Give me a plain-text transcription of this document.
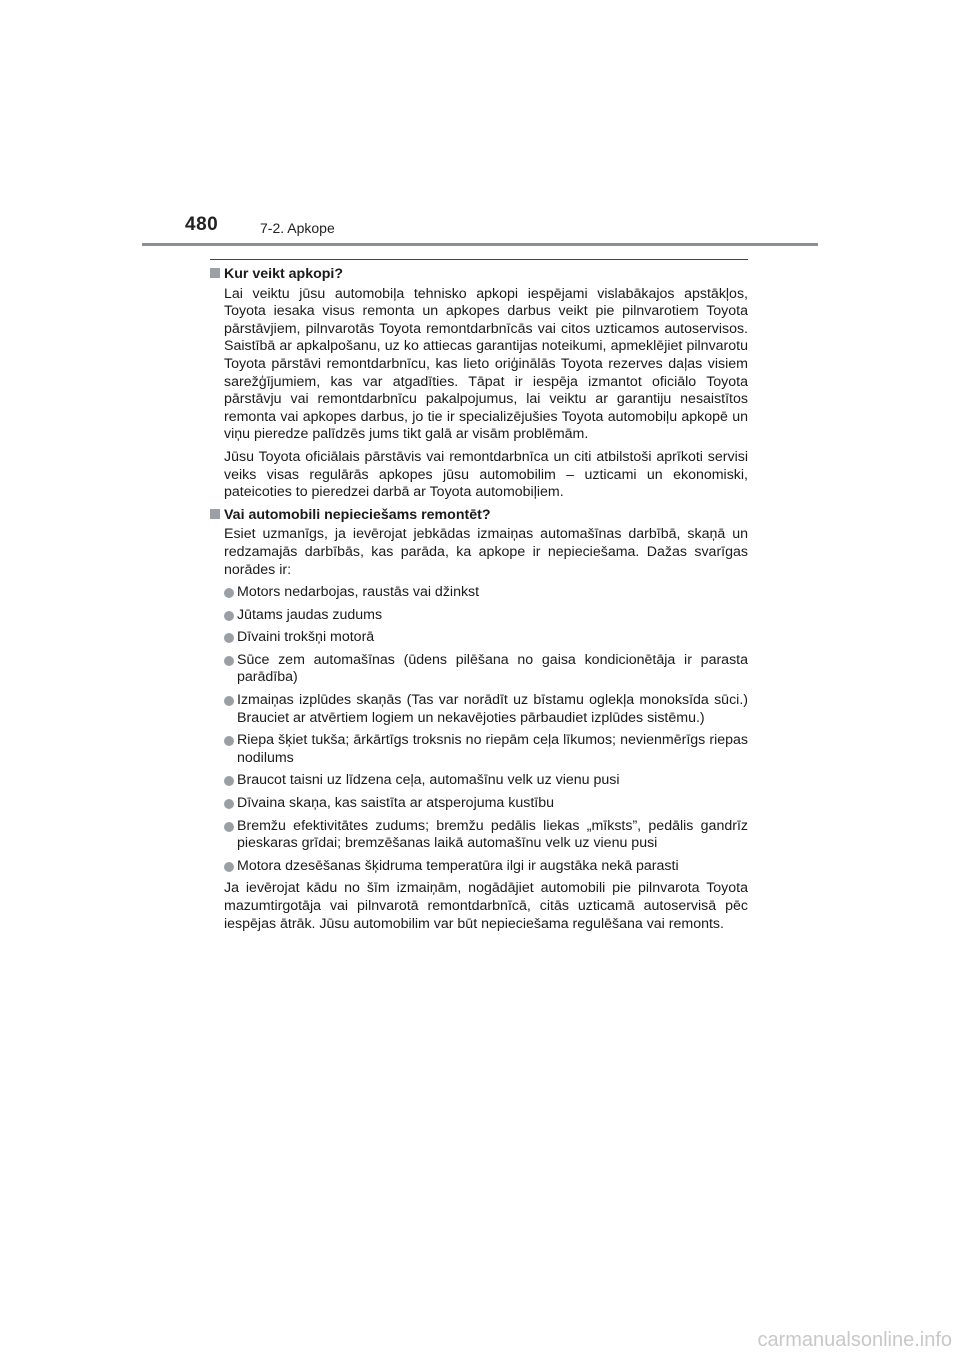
480	7-2. Apkope
Kur veikt apkopi?

Lai veiktu jūsu automobiļa tehnisko apkopi iespējami vislabākajos apstākļos, Toyota iesaka visus remonta un apkopes darbus veikt pie pilnvarotiem Toyota pārstāvjiem, pilnvarotās Toyota remontdarbnīcās vai citos uzticamos autoservisos. Saistībā ar apkalpošanu, uz ko attiecas garantijas noteikumi, apmeklējiet pilnvarotu Toyota pārstāvi remontdarbnīcu, kas lieto oriģinālās Toyota rezerves daļas visiem sarežģījumiem, kas var atgadīties. Tāpat ir iespēja izmantot oficiālo Toyota pārstāvju vai remontdarbnīcu pakalpojumus, lai veiktu ar garantiju nesaistītos remonta vai apkopes darbus, jo tie ir specializējušies Toyota automobiļu apkopē un viņu pieredze palīdzēs jums tikt galā ar visām problēmām.

Jūsu Toyota oficiālais pārstāvis vai remontdarbnīca un citi atbilstoši aprīkoti servisi veiks visas regulārās apkopes jūsu automobilim – uzticami un ekonomiski, pateicoties to pieredzei darbā ar Toyota automobiļiem.

Vai automobili nepieciešams remontēt?

Esiet uzmanīgs, ja ievērojat jebkādas izmaiņas automašīnas darbībā, skaņā un redzamajās darbībās, kas parāda, ka apkope ir nepieciešama. Dažas svarīgas norādes ir:

Motors nedarbojas, raustās vai džinkst
Jūtams jaudas zudums
Dīvaini trokšņi motorā
Sūce zem automašīnas (ūdens pilēšana no gaisa kondicionētāja ir parasta parādība)
Izmaiņas izplūdes skaņās (Tas var norādīt uz bīstamu oglekļa monoksīda sūci.) Brauciet ar atvērtiem logiem un nekavējoties pārbaudiet izplūdes sistēmu.)
Riepa šķiet tukša; ārkārtīgs troksnis no riepām ceļa līkumos; nevienmērīgs riepas nodilums
Braucot taisni uz līdzena ceļa, automašīnu velk uz vienu pusi
Dīvaina skaņa, kas saistīta ar atsperojuma kustību
Bremžu efektivitātes zudums; bremžu pedālis liekas „mīksts”, pedālis gandrīz pieskaras grīdai; bremzēšanas laikā automašīnu velk uz vienu pusi
Motora dzesēšanas šķidruma temperatūra ilgi ir augstāka nekā parasti

Ja ievērojat kādu no šīm izmaiņām, nogādājiet automobili pie pilnvarota Toyota mazumtirgotāja vai pilnvarotā remontdarbnīcā, citās uzticamā autoservisā pēc iespējas ātrāk. Jūsu automobilim var būt nepieciešama regulēšana vai remonts.

carmanualsonline.info
